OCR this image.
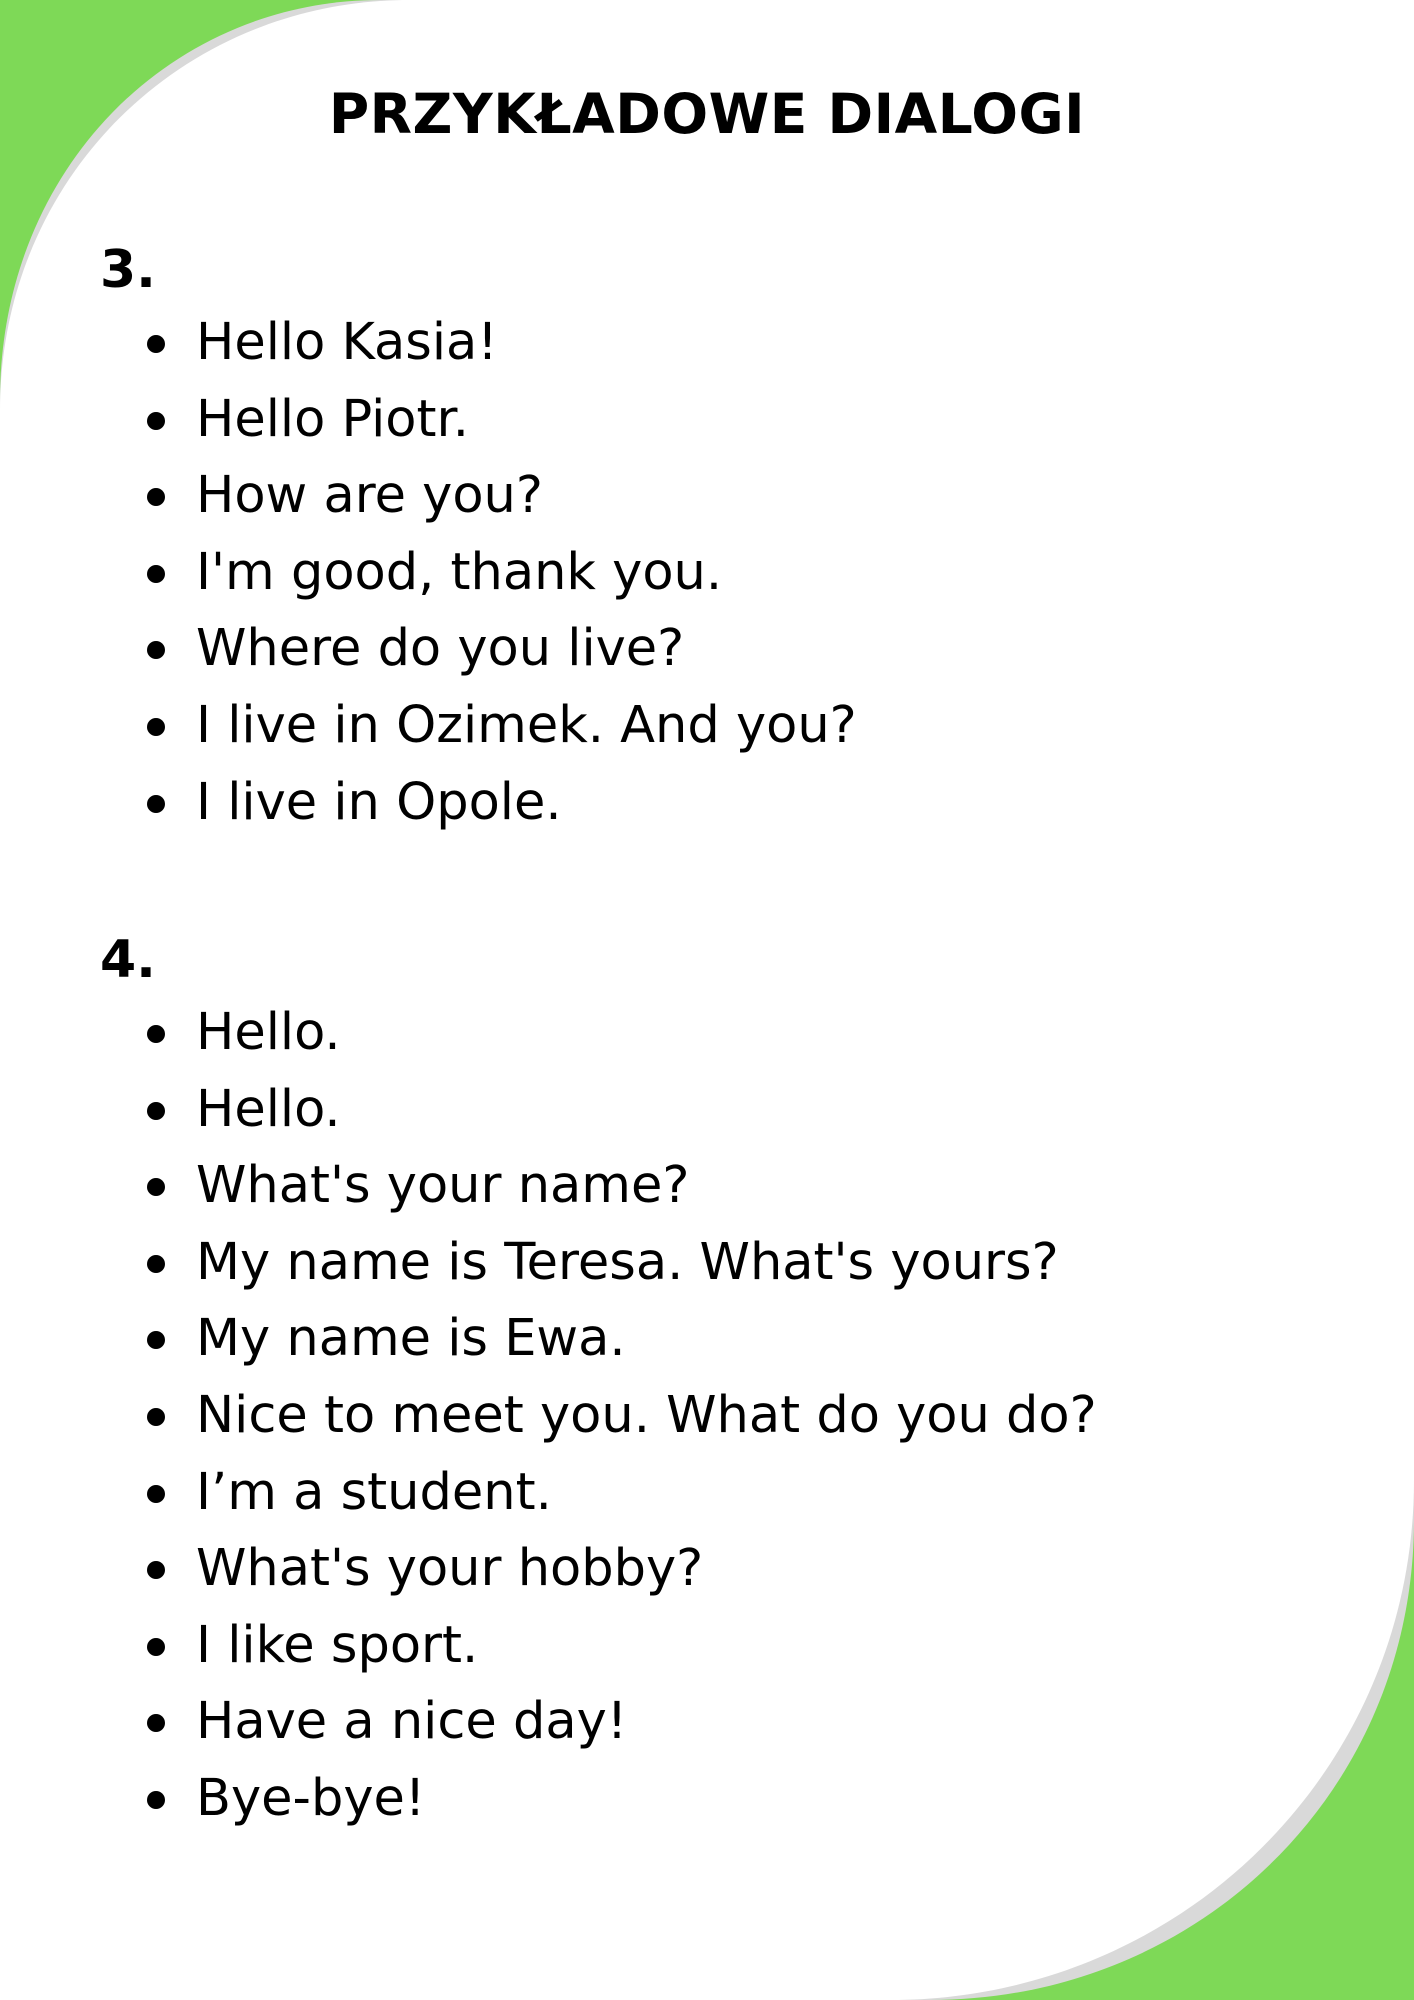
PRZYKŁADOWE DIALOGI
3.
Hello Kasia!
Hello Piotr.
How are you?
I'm good, thank you.
Where do you live?
I live in Ozimek. And you?
I live in Opole.
4.
Hello.
Hello.
What's your name?
My name is Teresa. What's yours?
My name is Ewa.
Nice to meet you. What do you do?
I’m a student.
What's your hobby?
I like sport.
Have a nice day!
Bye-bye!
